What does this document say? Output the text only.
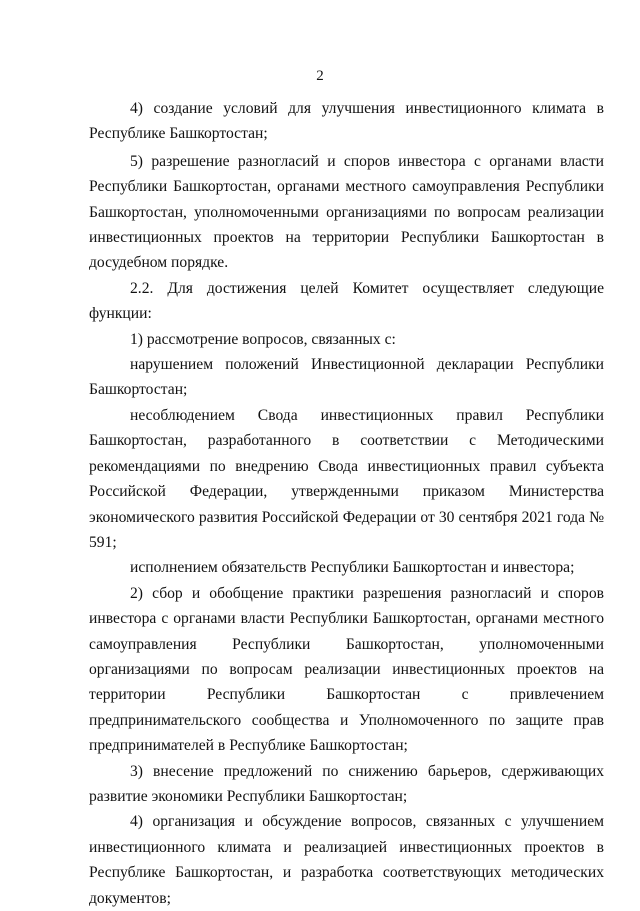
2

4) создание условий для улучшения инвестиционного климата в Республике Башкортостан;

5) разрешение разногласий и споров инвестора с органами власти Республики Башкортостан, органами местного самоуправления Республики Башкортостан, уполномоченными организациями по вопросам реализации инвестиционных проектов на территории Республики Башкортостан в досудебном порядке.

2.2. Для достижения целей Комитет осуществляет следующие функции:

1) рассмотрение вопросов, связанных с:

нарушением положений Инвестиционной декларации Республики Башкортостан;

несоблюдением Свода инвестиционных правил Республики Башкортостан, разработанного в соответствии с Методическими рекомендациями по внедрению Свода инвестиционных правил субъекта Российской Федерации, утвержденными приказом Министерства экономического развития Российской Федерации от 30 сентября 2021 года № 591;

исполнением обязательств Республики Башкортостан и инвестора;

2) сбор и обобщение практики разрешения разногласий и споров инвестора с органами власти Республики Башкортостан, органами местного самоуправления Республики Башкортостан, уполномоченными организациями по вопросам реализации инвестиционных проектов на территории Республики Башкортостан с привлечением предпринимательского сообщества и Уполномоченного по защите прав предпринимателей в Республике Башкортостан;

3) внесение предложений по снижению барьеров, сдерживающих развитие экономики Республики Башкортостан;

4) организация и обсуждение вопросов, связанных с улучшением инвестиционного климата и реализацией инвестиционных проектов в Республике Башкортостан, и разработка соответствующих методических документов;
